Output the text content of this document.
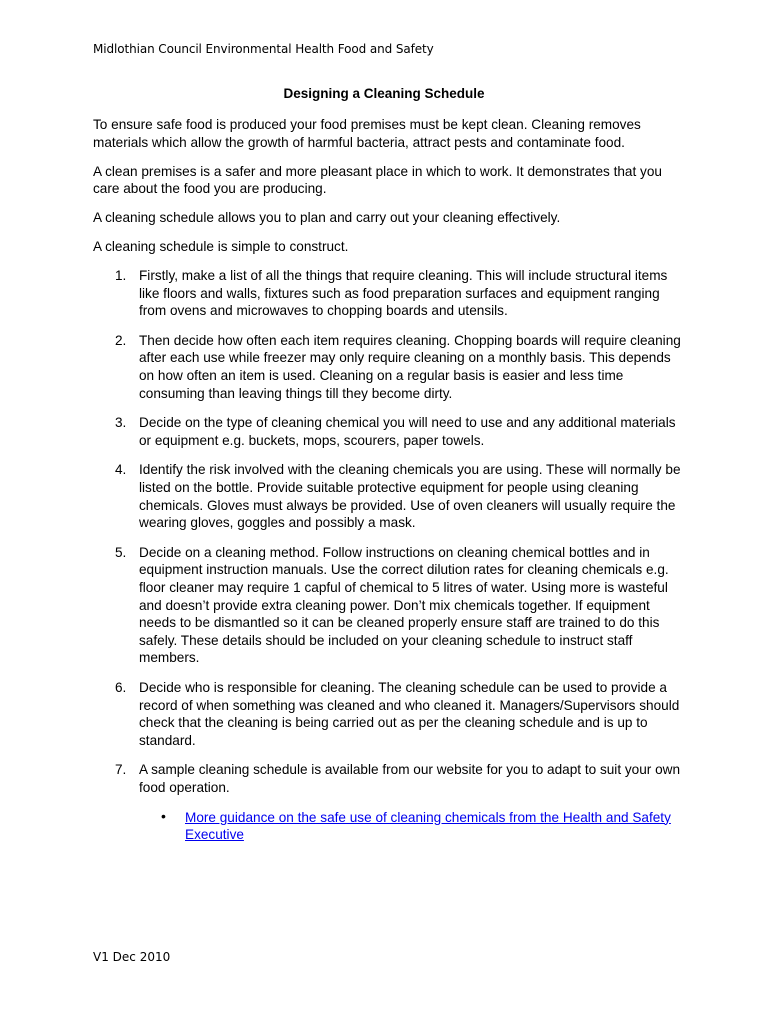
Midlothian Council Environmental Health Food and Safety
Designing a Cleaning Schedule

To ensure safe food is produced your food premises must be kept clean. Cleaning removes materials which allow the growth of harmful bacteria, attract pests and contaminate food.

A clean premises is a safer and more pleasant place in which to work. It demonstrates that you care about the food you are producing.

A cleaning schedule allows you to plan and carry out your cleaning effectively.

A cleaning schedule is simple to construct.

1. Firstly, make a list of all the things that require cleaning. This will include structural items like floors and walls, fixtures such as food preparation surfaces and equipment ranging from ovens and microwaves to chopping boards and utensils.
2. Then decide how often each item requires cleaning. Chopping boards will require cleaning after each use while freezer may only require cleaning on a monthly basis. This depends on how often an item is used. Cleaning on a regular basis is easier and less time consuming than leaving things till they become dirty.
3. Decide on the type of cleaning chemical you will need to use and any additional materials or equipment e.g. buckets, mops, scourers, paper towels.
4. Identify the risk involved with the cleaning chemicals you are using. These will normally be listed on the bottle. Provide suitable protective equipment for people using cleaning chemicals. Gloves must always be provided. Use of oven cleaners will usually require the wearing gloves, goggles and possibly a mask.
5. Decide on a cleaning method. Follow instructions on cleaning chemical bottles and in equipment instruction manuals. Use the correct dilution rates for cleaning chemicals e.g. floor cleaner may require 1 capful of chemical to 5 litres of water. Using more is wasteful and doesn’t provide extra cleaning power. Don’t mix chemicals together. If equipment needs to be dismantled so it can be cleaned properly ensure staff are trained to do this safely. These details should be included on your cleaning schedule to instruct staff members.
6. Decide who is responsible for cleaning. The cleaning schedule can be used to provide a record of when something was cleaned and who cleaned it. Managers/Supervisors should check that the cleaning is being carried out as per the cleaning schedule and is up to standard.
7. A sample cleaning schedule is available from our website for you to adapt to suit your own food operation.
• More guidance on the safe use of cleaning chemicals from the Health and Safety Executive
V1 Dec 2010
